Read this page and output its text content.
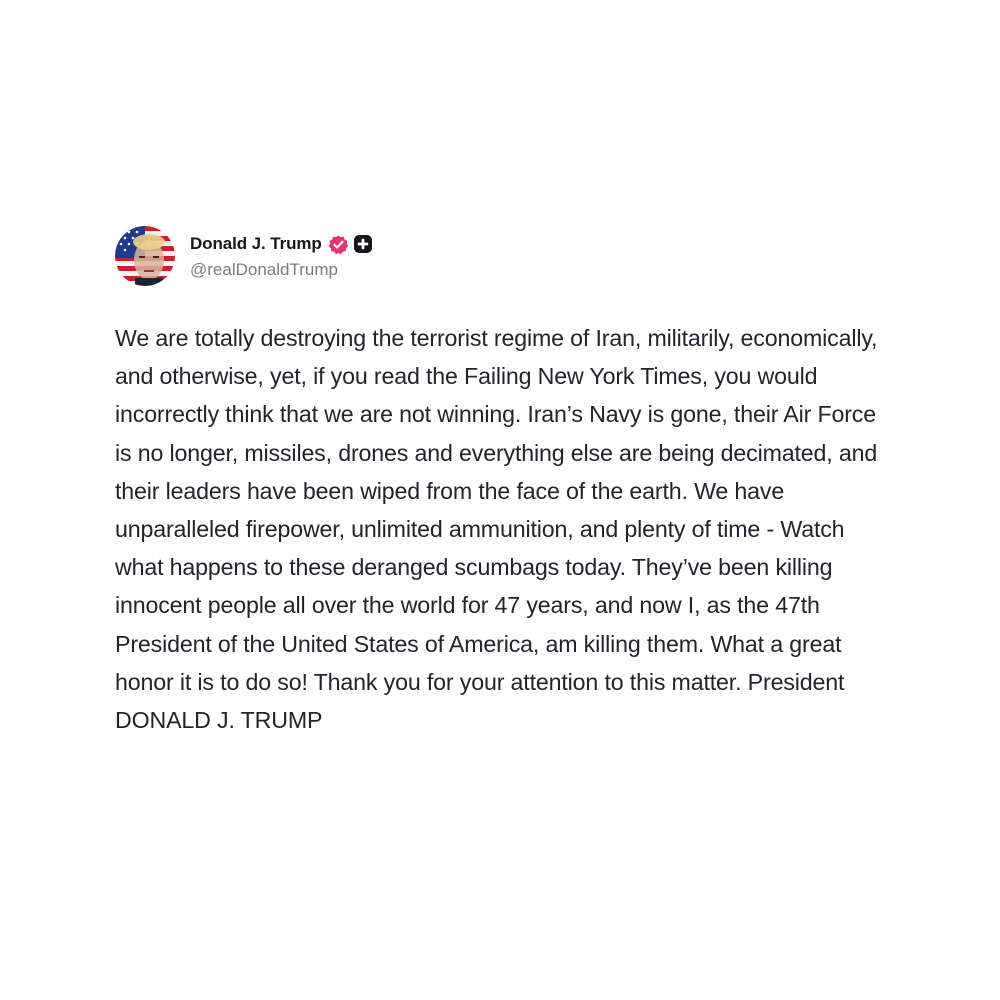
Donald J. Trump
@realDonaldTrump
We are totally destroying the terrorist regime of Iran, militarily, economically, and otherwise, yet, if you read the Failing New York Times, you would incorrectly think that we are not winning. Iran’s Navy is gone, their Air Force is no longer, missiles, drones and everything else are being decimated, and their leaders have been wiped from the face of the earth. We have unparalleled firepower, unlimited ammunition, and plenty of time - Watch what happens to these deranged scumbags today. They’ve been killing innocent people all over the world for 47 years, and now I, as the 47th President of the United States of America, am killing them. What a great honor it is to do so! Thank you for your attention to this matter. President DONALD J. TRUMP
